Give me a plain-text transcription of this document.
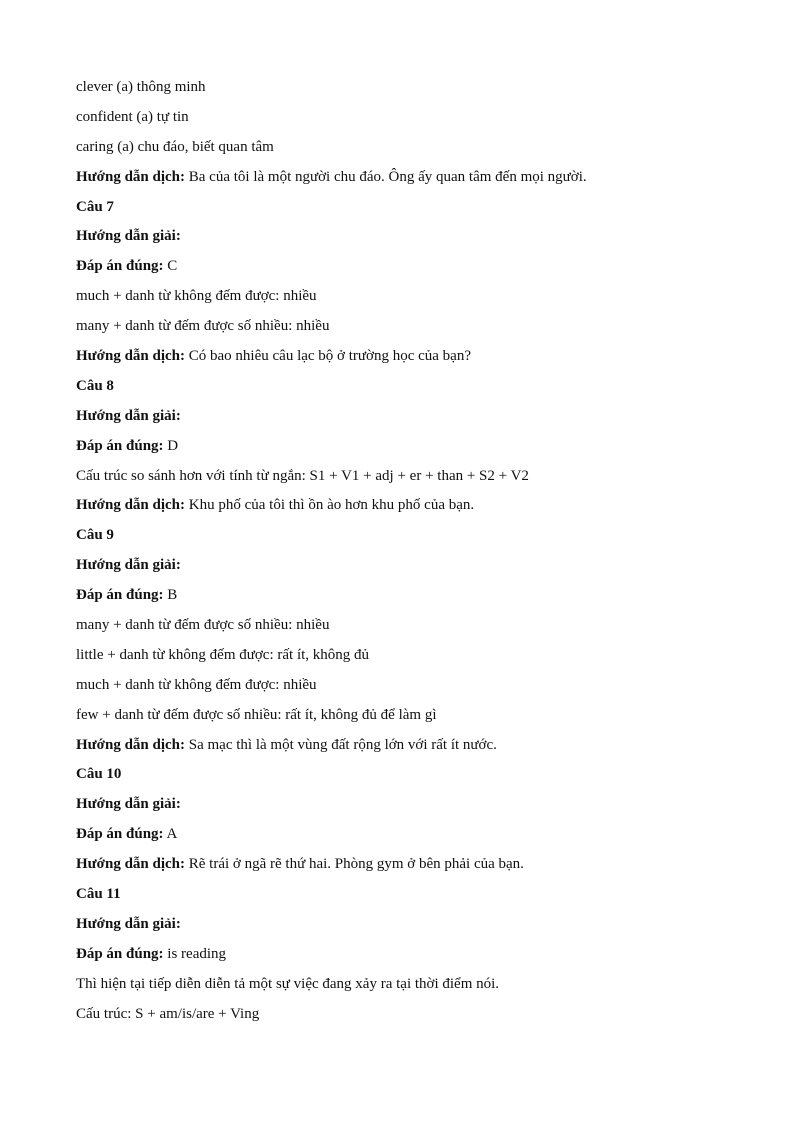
clever (a) thông minh
confident (a) tự tin
caring (a) chu đáo, biết quan tâm
Hướng dẫn dịch: Ba của tôi là một người chu đáo. Ông ấy quan tâm đến mọi người.
Câu 7
Hướng dẫn giải:
Đáp án đúng: C
much + danh từ không đếm được: nhiều
many + danh từ đếm được số nhiều: nhiều
Hướng dẫn dịch: Có bao nhiêu câu lạc bộ ở trường học của bạn?
Câu 8
Hướng dẫn giải:
Đáp án đúng: D
Cấu trúc so sánh hơn với tính từ ngắn: S1 + V1 + adj + er + than + S2 + V2
Hướng dẫn dịch: Khu phố của tôi thì ồn ào hơn khu phố của bạn.
Câu 9
Hướng dẫn giải:
Đáp án đúng: B
many + danh từ đếm được số nhiều: nhiều
little + danh từ không đếm được: rất ít, không đủ
much + danh từ không đếm được: nhiều
few + danh từ đếm được số nhiều: rất ít, không đủ để làm gì
Hướng dẫn dịch: Sa mạc thì là một vùng đất rộng lớn với rất ít nước.
Câu 10
Hướng dẫn giải:
Đáp án đúng: A
Hướng dẫn dịch: Rẽ trái ở ngã rẽ thứ hai. Phòng gym ở bên phải của bạn.
Câu 11
Hướng dẫn giải:
Đáp án đúng: is reading
Thì hiện tại tiếp diễn diễn tả một sự việc đang xảy ra tại thời điểm nói.
Cấu trúc: S + am/is/are + Ving
